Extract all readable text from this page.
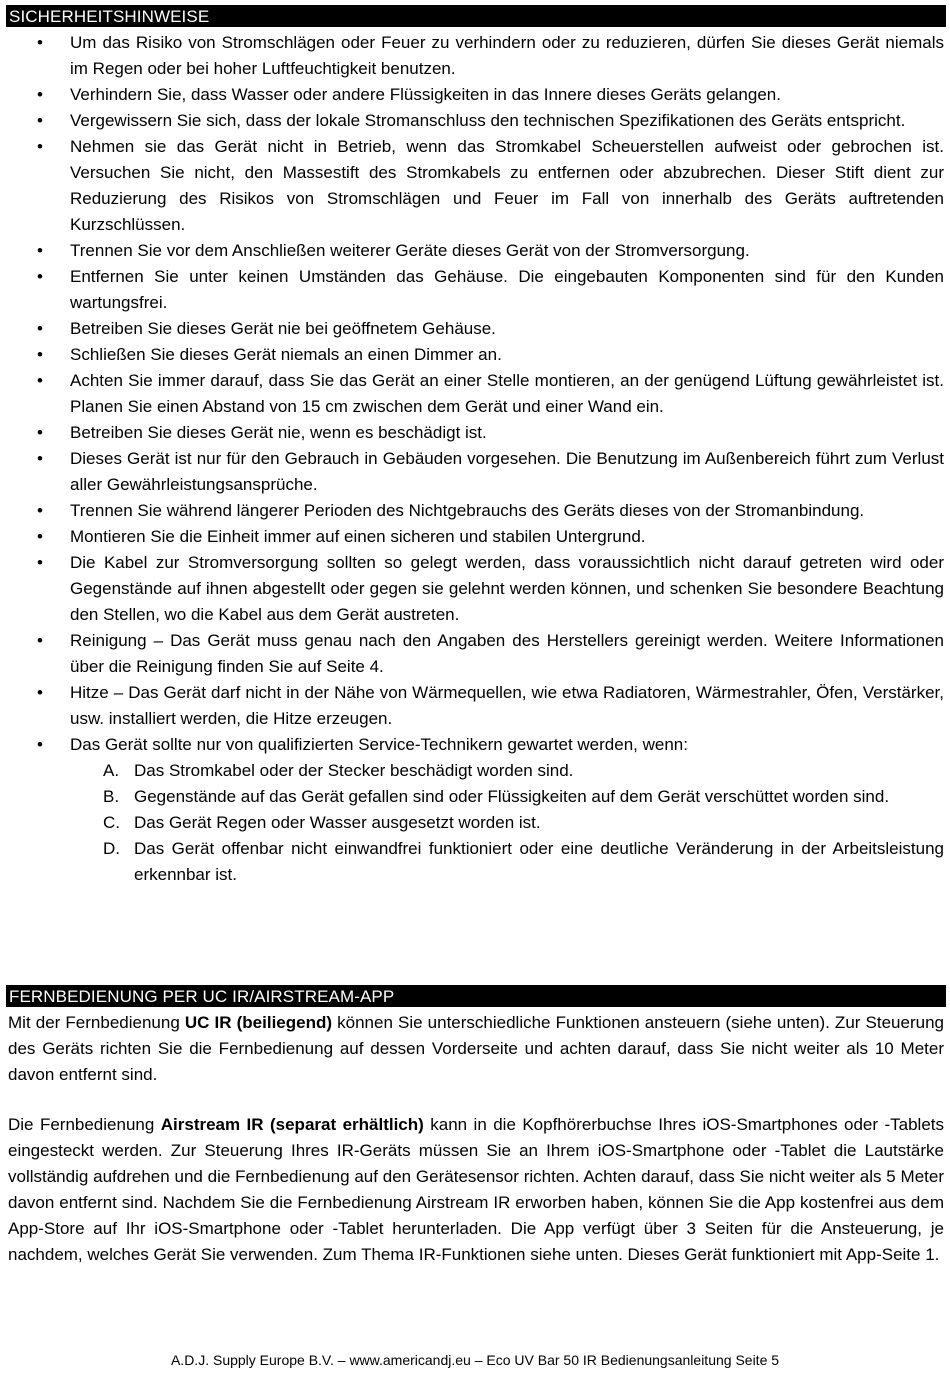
SICHERHEITSHINWEISE
• Um das Risiko von Stromschlägen oder Feuer zu verhindern oder zu reduzieren, dürfen Sie dieses Gerät niemals im Regen oder bei hoher Luftfeuchtigkeit benutzen.
• Verhindern Sie, dass Wasser oder andere Flüssigkeiten in das Innere dieses Geräts gelangen.
• Vergewissern Sie sich, dass der lokale Stromanschluss den technischen Spezifikationen des Geräts entspricht.
• Nehmen sie das Gerät nicht in Betrieb, wenn das Stromkabel Scheuerstellen aufweist oder gebrochen ist. Versuchen Sie nicht, den Massestift des Stromkabels zu entfernen oder abzubrechen. Dieser Stift dient zur Reduzierung des Risikos von Stromschlägen und Feuer im Fall von innerhalb des Geräts auftretenden Kurzschlüssen.
• Trennen Sie vor dem Anschließen weiterer Geräte dieses Gerät von der Stromversorgung.
• Entfernen Sie unter keinen Umständen das Gehäuse. Die eingebauten Komponenten sind für den Kunden wartungsfrei.
• Betreiben Sie dieses Gerät nie bei geöffnetem Gehäuse.
• Schließen Sie dieses Gerät niemals an einen Dimmer an.
• Achten Sie immer darauf, dass Sie das Gerät an einer Stelle montieren, an der genügend Lüftung gewährleistet ist. Planen Sie einen Abstand von 15 cm zwischen dem Gerät und einer Wand ein.
• Betreiben Sie dieses Gerät nie, wenn es beschädigt ist.
• Dieses Gerät ist nur für den Gebrauch in Gebäuden vorgesehen. Die Benutzung im Außenbereich führt zum Verlust aller Gewährleistungsansprüche.
• Trennen Sie während längerer Perioden des Nichtgebrauchs des Geräts dieses von der Stromanbindung.
• Montieren Sie die Einheit immer auf einen sicheren und stabilen Untergrund.
• Die Kabel zur Stromversorgung sollten so gelegt werden, dass voraussichtlich nicht darauf getreten wird oder Gegenstände auf ihnen abgestellt oder gegen sie gelehnt werden können, und schenken Sie besondere Beachtung den Stellen, wo die Kabel aus dem Gerät austreten.
• Reinigung – Das Gerät muss genau nach den Angaben des Herstellers gereinigt werden. Weitere Informationen über die Reinigung finden Sie auf Seite 4.
• Hitze – Das Gerät darf nicht in der Nähe von Wärmequellen, wie etwa Radiatoren, Wärmestrahler, Öfen, Verstärker, usw. installiert werden, die Hitze erzeugen.
• Das Gerät sollte nur von qualifizierten Service-Technikern gewartet werden, wenn:
A. Das Stromkabel oder der Stecker beschädigt worden sind.
B. Gegenstände auf das Gerät gefallen sind oder Flüssigkeiten auf dem Gerät verschüttet worden sind.
C. Das Gerät Regen oder Wasser ausgesetzt worden ist.
D. Das Gerät offenbar nicht einwandfrei funktioniert oder eine deutliche Veränderung in der Arbeitsleistung erkennbar ist.
FERNBEDIENUNG PER UC IR/AIRSTREAM-APP

Mit der Fernbedienung UC IR (beiliegend) können Sie unterschiedliche Funktionen ansteuern (siehe unten). Zur Steuerung des Geräts richten Sie die Fernbedienung auf dessen Vorderseite und achten darauf, dass Sie nicht weiter als 10 Meter davon entfernt sind.

Die Fernbedienung Airstream IR (separat erhältlich) kann in die Kopfhörerbuchse Ihres iOS-Smartphones oder -Tablets eingesteckt werden. Zur Steuerung Ihres IR-Geräts müssen Sie an Ihrem iOS-Smartphone oder -Tablet die Lautstärke vollständig aufdrehen und die Fernbedienung auf den Gerätesensor richten. Achten darauf, dass Sie nicht weiter als 5 Meter davon entfernt sind. Nachdem Sie die Fernbedienung Airstream IR erworben haben, können Sie die App kostenfrei aus dem App-Store auf Ihr iOS-Smartphone oder -Tablet herunterladen. Die App verfügt über 3 Seiten für die Ansteuerung, je nachdem, welches Gerät Sie verwenden. Zum Thema IR-Funktionen siehe unten. Dieses Gerät funktioniert mit App-Seite 1.

A.D.J. Supply Europe B.V. – www.americandj.eu – Eco UV Bar 50 IR Bedienungsanleitung Seite 5
